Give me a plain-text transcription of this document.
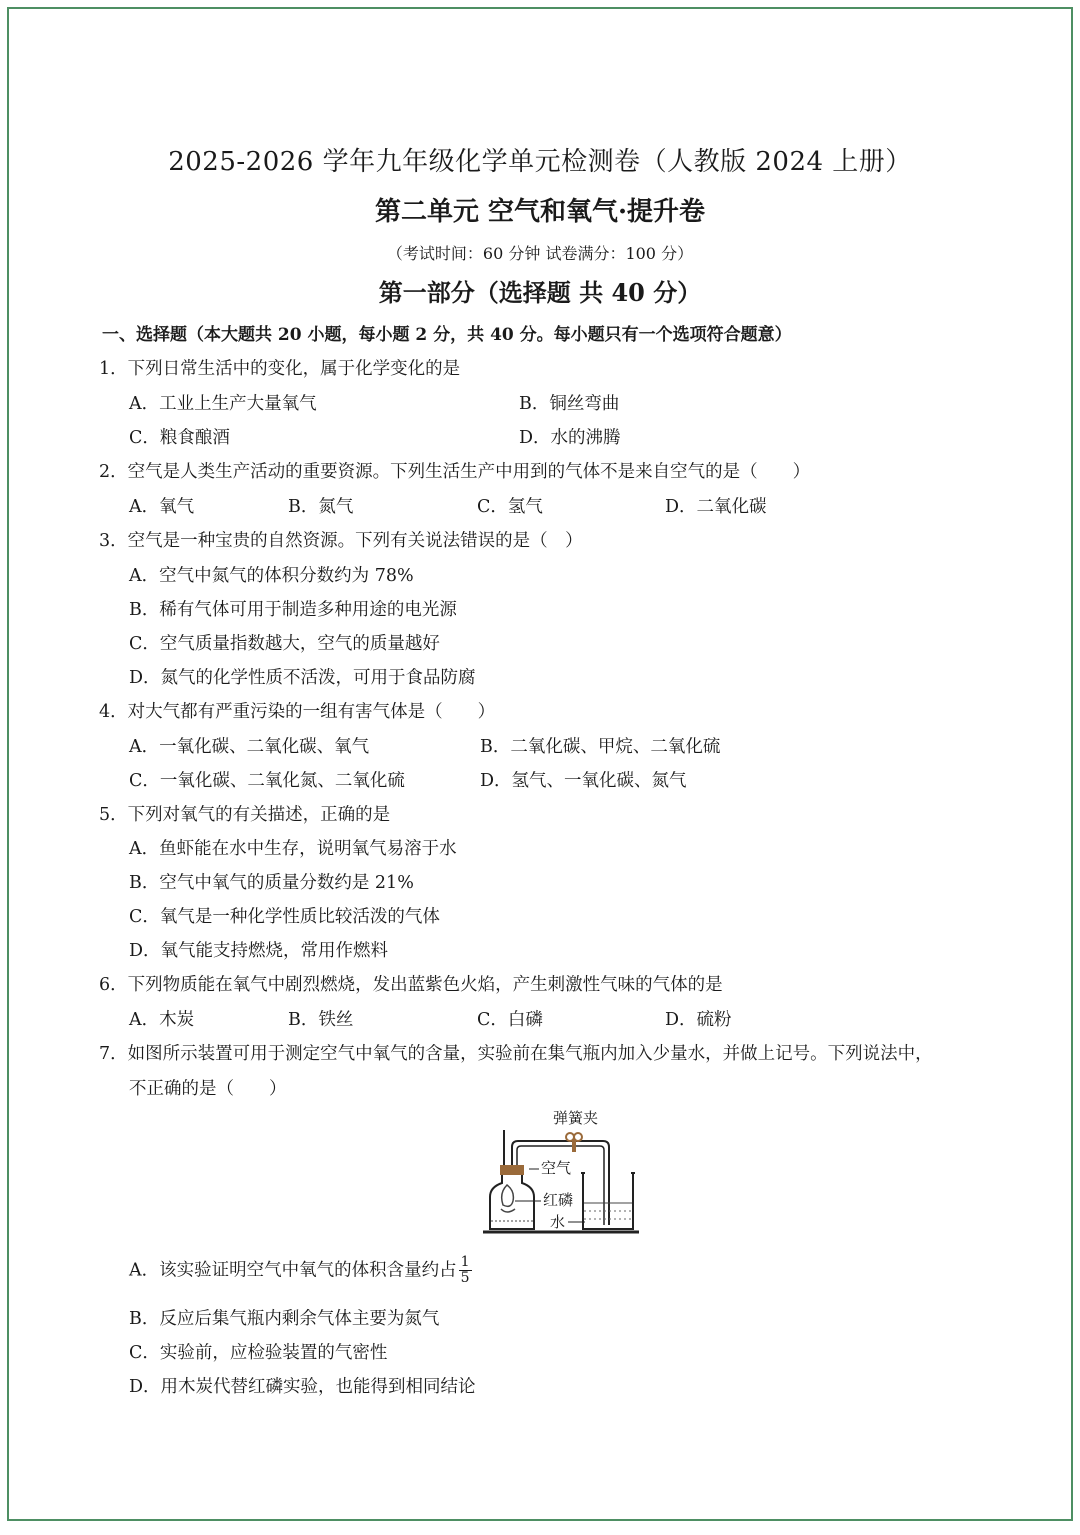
2025-2026 学年九年级化学单元检测卷（人教版 2024 上册）
第二单元 空气和氧气·提升卷
（考试时间：60 分钟 试卷满分：100 分）
第一部分（选择题 共 40 分）
一、选择题（本大题共 20 小题，每小题 2 分，共 40 分。每小题只有一个选项符合题意）
1．下列日常生活中的变化，属于化学变化的是
A．工业上生产大量氧气	B．铜丝弯曲
C．粮食酿酒	D．水的沸腾
2．空气是人类生产活动的重要资源。下列生活生产中用到的气体不是来自空气的是（　　）
A．氧气	B．氮气	C．氢气	D．二氧化碳
3．空气是一种宝贵的自然资源。下列有关说法错误的是（　）
A．空气中氮气的体积分数约为 78%
B．稀有气体可用于制造多种用途的电光源
C．空气质量指数越大，空气的质量越好
D．氮气的化学性质不活泼，可用于食品防腐
4．对大气都有严重污染的一组有害气体是（　　）
A．一氧化碳、二氧化碳、氧气	B．二氧化碳、甲烷、二氧化硫
C．一氧化碳、二氧化氮、二氧化硫	D．氢气、一氧化碳、氮气
5．下列对氧气的有关描述，正确的是
A．鱼虾能在水中生存，说明氧气易溶于水
B．空气中氧气的质量分数约是 21%
C．氧气是一种化学性质比较活泼的气体
D．氧气能支持燃烧，常用作燃料
6．下列物质能在氧气中剧烈燃烧，发出蓝紫色火焰，产生刺激性气味的气体的是
A．木炭	B．铁丝	C．白磷	D．硫粉
7．如图所示装置可用于测定空气中氧气的含量，实验前在集气瓶内加入少量水，并做上记号。下列说法中，
不正确的是（　　）
弹簧夹
空气
红磷
水
A．该实验证明空气中氧气的体积含量约占 $\frac{1}{5}$
B．反应后集气瓶内剩余气体主要为氮气
C．实验前，应检验装置的气密性
D．用木炭代替红磷实验，也能得到相同结论
